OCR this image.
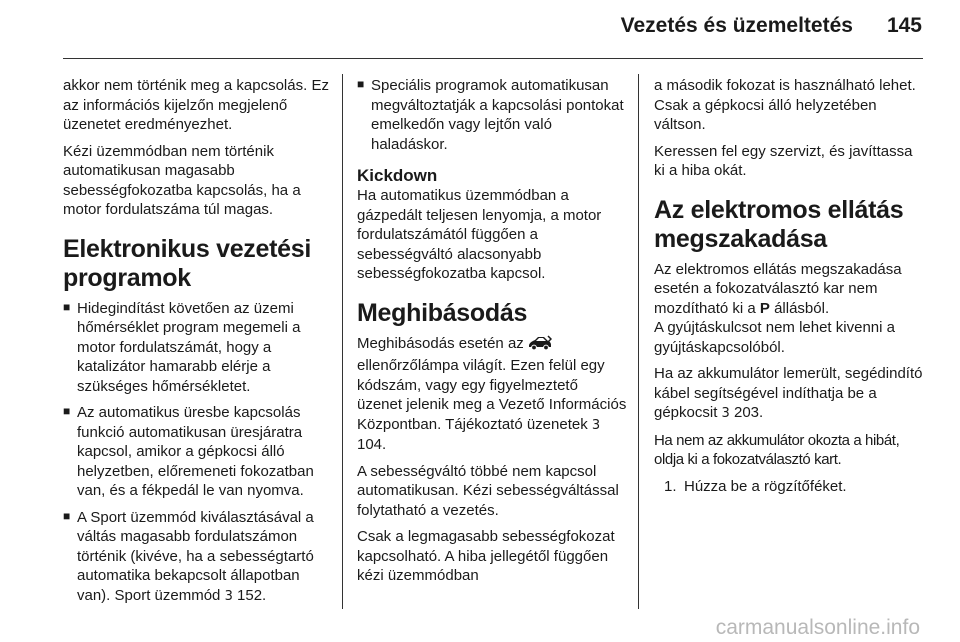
Vezetés és üzemeltetés 145

akkor nem történik meg a kapcsolás. Ez az információs kijelzőn megjelenő üzenetet eredményezhet.

Kézi üzemmódban nem történik automatikusan magasabb sebességfokozatba kapcsolás, ha a motor fordulatszáma túl magas.

Elektronikus vezetési programok
■ Hidegindítást követően az üzemi hőmérséklet program megemeli a motor fordulatszámát, hogy a katalizátor hamarabb elérje a szükséges hőmérsékletet.
■ Az automatikus üresbe kapcsolás funkció automatikusan üresjáratra kapcsol, amikor a gépkocsi álló helyzetben, előremeneti fokozatban van, és a fékpedál le van nyomva.
■ A Sport üzemmód kiválasztásával a váltás magasabb fordulatszámon történik (kivéve, ha a sebességtartó automatika bekapcsolt állapotban van). Sport üzemmód 3 152.
■ Speciális programok automatikusan megváltoztatják a kapcsolási pontokat emelkedőn vagy lejtőn való haladáskor.
Kickdown

Ha automatikus üzemmódban a gázpedált teljesen lenyomja, a motor fordulatszámától függően a sebességváltó alacsonyabb sebességfokozatba kapcsol.

Meghibásodás

Meghibásodás esetén az  ellenőrzőlámpa világít. Ezen felül egy kódszám, vagy egy figyelmeztető üzenet jelenik meg a Vezető Információs Központban. Tájékoztató üzenetek 3 104.

A sebességváltó többé nem kapcsol automatikusan. Kézi sebességváltással folytatható a vezetés.

Csak a legmagasabb sebességfokozat kapcsolható. A hiba jellegétől függően kézi üzemmódban

a második fokozat is használható lehet. Csak a gépkocsi álló helyzetében váltson.

Keressen fel egy szervizt, és javíttassa ki a hiba okát.

Az elektromos ellátás megszakadása

Az elektromos ellátás megszakadása esetén a fokozatválasztó kar nem mozdítható ki a P állásból.

A gyújtáskulcsot nem lehet kivenni a gyújtáskapcsolóból.

Ha az akkumulátor lemerült, segédindító kábel segítségével indíthatja be a gépkocsit 3 203.

Ha nem az akkumulátor okozta a hibát, oldja ki a fokozatválasztó kart.

1. Húzza be a rögzítőféket.
carmanualsonline.info
